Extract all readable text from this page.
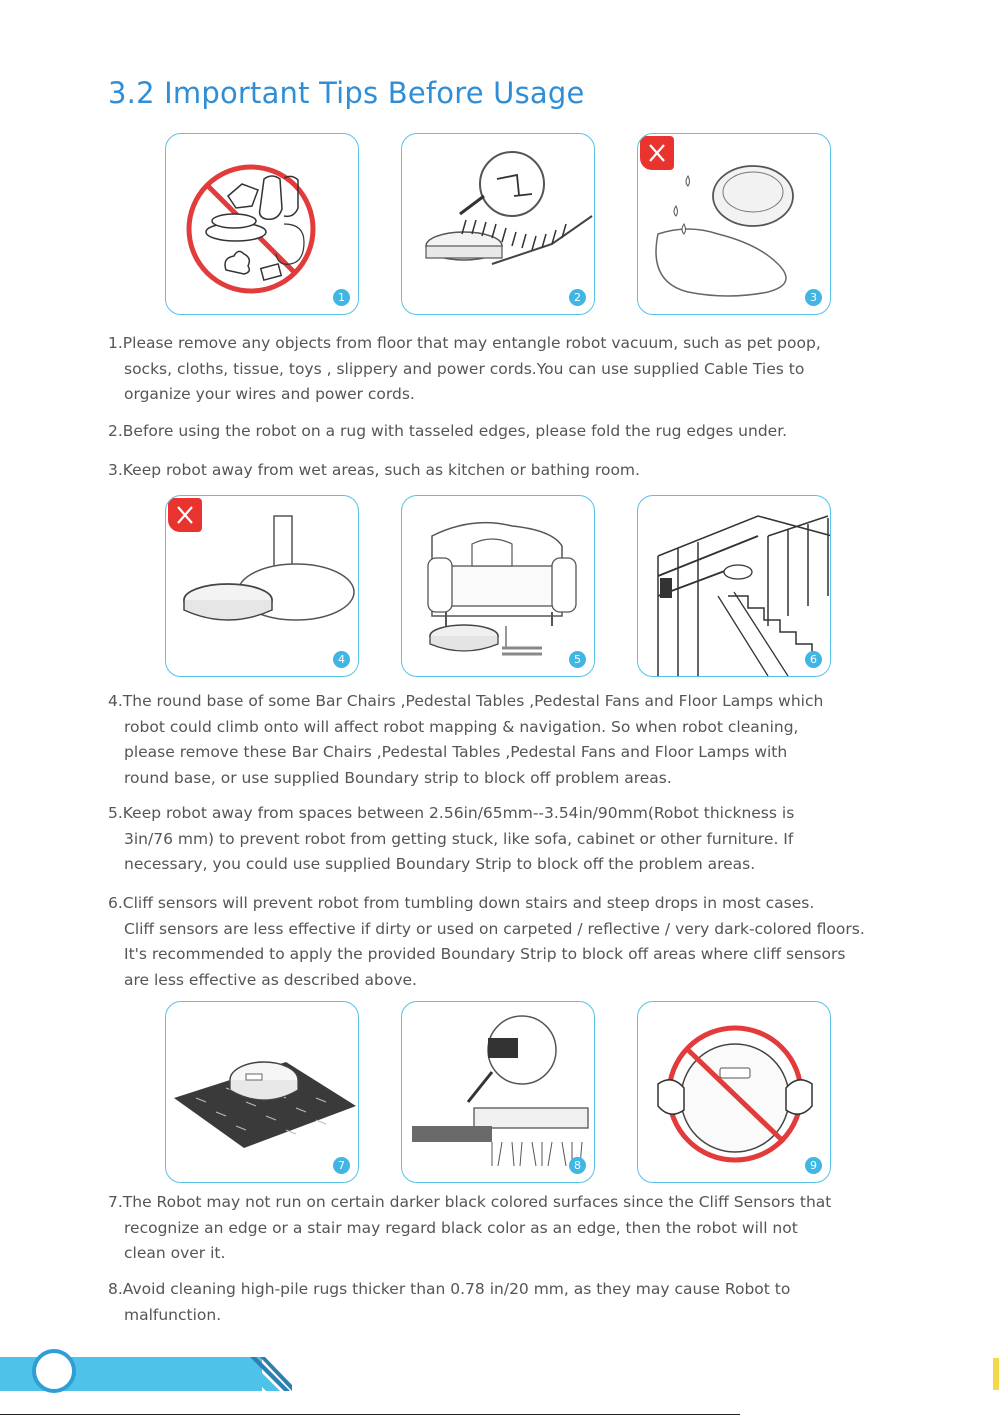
3.2 Important Tips Before Usage
1	2	3
1.Please remove any objects from floor that may entangle robot vacuum, such as pet poop,
socks, cloths, tissue, toys , slippery and power cords.You can use supplied Cable Ties to
organize your wires and power cords.
2.Before using the robot on a rug with tasseled edges, please fold the rug edges under.
3.Keep robot away from wet areas, such as kitchen or bathing room.
4	5	6
4.The round base of some Bar Chairs ,Pedestal Tables ,Pedestal Fans and Floor Lamps which
robot could climb onto will affect robot mapping & navigation. So when robot cleaning,
please remove these Bar Chairs ,Pedestal Tables ,Pedestal Fans and Floor Lamps with
round base, or use supplied Boundary strip to block off problem areas.
5.Keep robot away from spaces between 2.56in/65mm--3.54in/90mm(Robot thickness is
3in/76 mm) to prevent robot from getting stuck, like sofa, cabinet or other furniture. If
necessary, you could use supplied Boundary Strip to block off the problem areas.
6.Cliff sensors will prevent robot from tumbling down stairs and steep drops in most cases.
Cliff sensors are less effective if dirty or used on carpeted / reflective / very dark-colored floors.
It's recommended to apply the provided Boundary Strip to block off areas where cliff sensors
are less effective as described above.
7	8	9
7.The Robot may not run on certain darker black colored surfaces since the Cliff Sensors that
recognize an edge or a stair may regard black color as an edge, then the robot will not
clean over it.
8.Avoid cleaning high-pile rugs thicker than 0.78 in/20 mm, as they may cause Robot to
malfunction.
